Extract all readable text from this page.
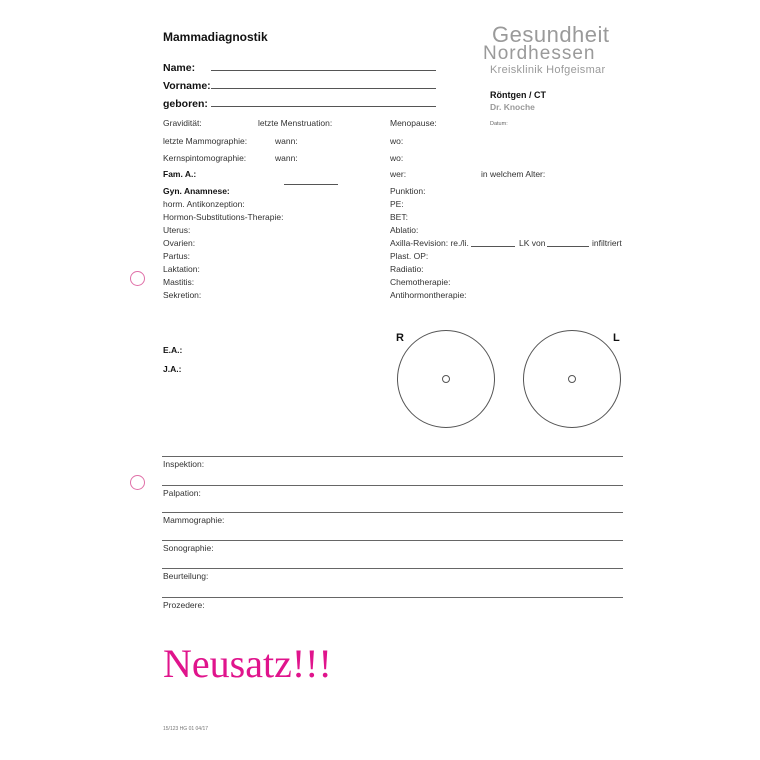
Mammadiagnostik
Name:
Vorname:
geboren:
Gesundheit
Nordhessen
Kreisklinik Hofgeismar
Röntgen / CT
Dr. Knoche
Datum:
Gravidität:	letzte Menstruation:	Menopause:
letzte Mammographie:	wann:	wo:
Kernspintomographie:	wann:	wo:
Fam. A.:	wer:	in welchem Alter:
Gyn. Anamnese:
horm. Antikonzeption:
Hormon-Substitutions-Therapie:
Uterus:
Ovarien:
Partus:
Laktation:
Mastitis:
Sekretion:
Punktion:
PE:
BET:
Ablatio:
Axilla-Revision: re./li.	LK von	infiltriert
Plast. OP:
Radiatio:
Chemotherapie:
Antihormontherapie:
E.A.:
J.A.:
R	L
Inspektion:
Palpation:
Mammographie:
Sonographie:
Beurteilung:
Prozedere:
Neusatz!!!
15/123 HG 01 04/17
